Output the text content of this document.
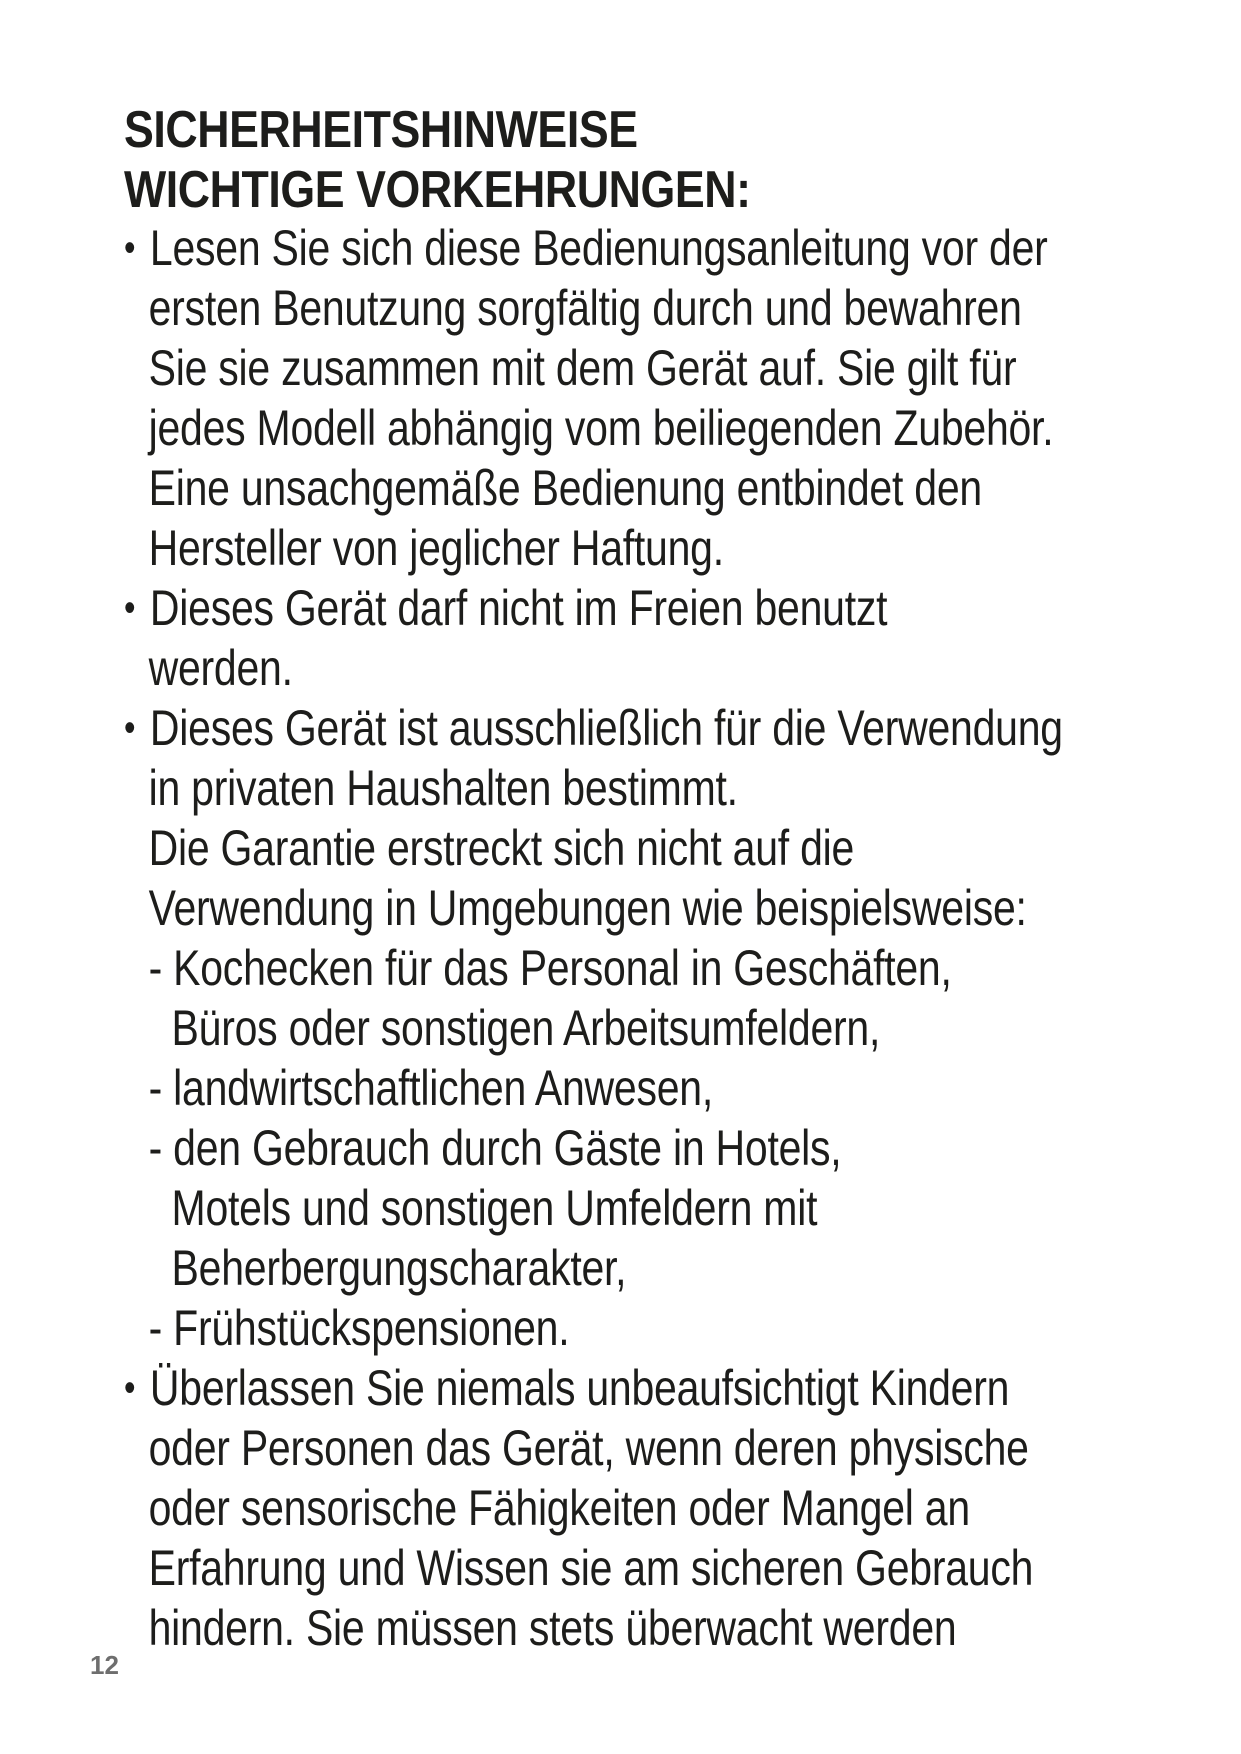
SICHERHEITSHINWEISE
WICHTIGE VORKEHRUNGEN:
• Lesen Sie sich diese Bedienungsanleitung vor der
ersten Benutzung sorgfältig durch und bewahren
Sie sie zusammen mit dem Gerät auf. Sie gilt für
jedes Modell abhängig vom beiliegenden Zubehör.
Eine unsachgemäße Bedienung entbindet den
Hersteller von jeglicher Haftung.
• Dieses Gerät darf nicht im Freien benutzt
werden.
• Dieses Gerät ist ausschließlich für die Verwendung
in privaten Haushalten bestimmt.
Die Garantie erstreckt sich nicht auf die
Verwendung in Umgebungen wie beispielsweise:
- Kochecken für das Personal in Geschäften,
Büros oder sonstigen Arbeitsumfeldern,
- landwirtschaftlichen Anwesen,
- den Gebrauch durch Gäste in Hotels,
Motels und sonstigen Umfeldern mit
Beherbergungscharakter,
- Frühstückspensionen.
• Überlassen Sie niemals unbeaufsichtigt Kindern
oder Personen das Gerät, wenn deren physische
oder sensorische Fähigkeiten oder Mangel an
Erfahrung und Wissen sie am sicheren Gebrauch
hindern. Sie müssen stets überwacht werden
12
